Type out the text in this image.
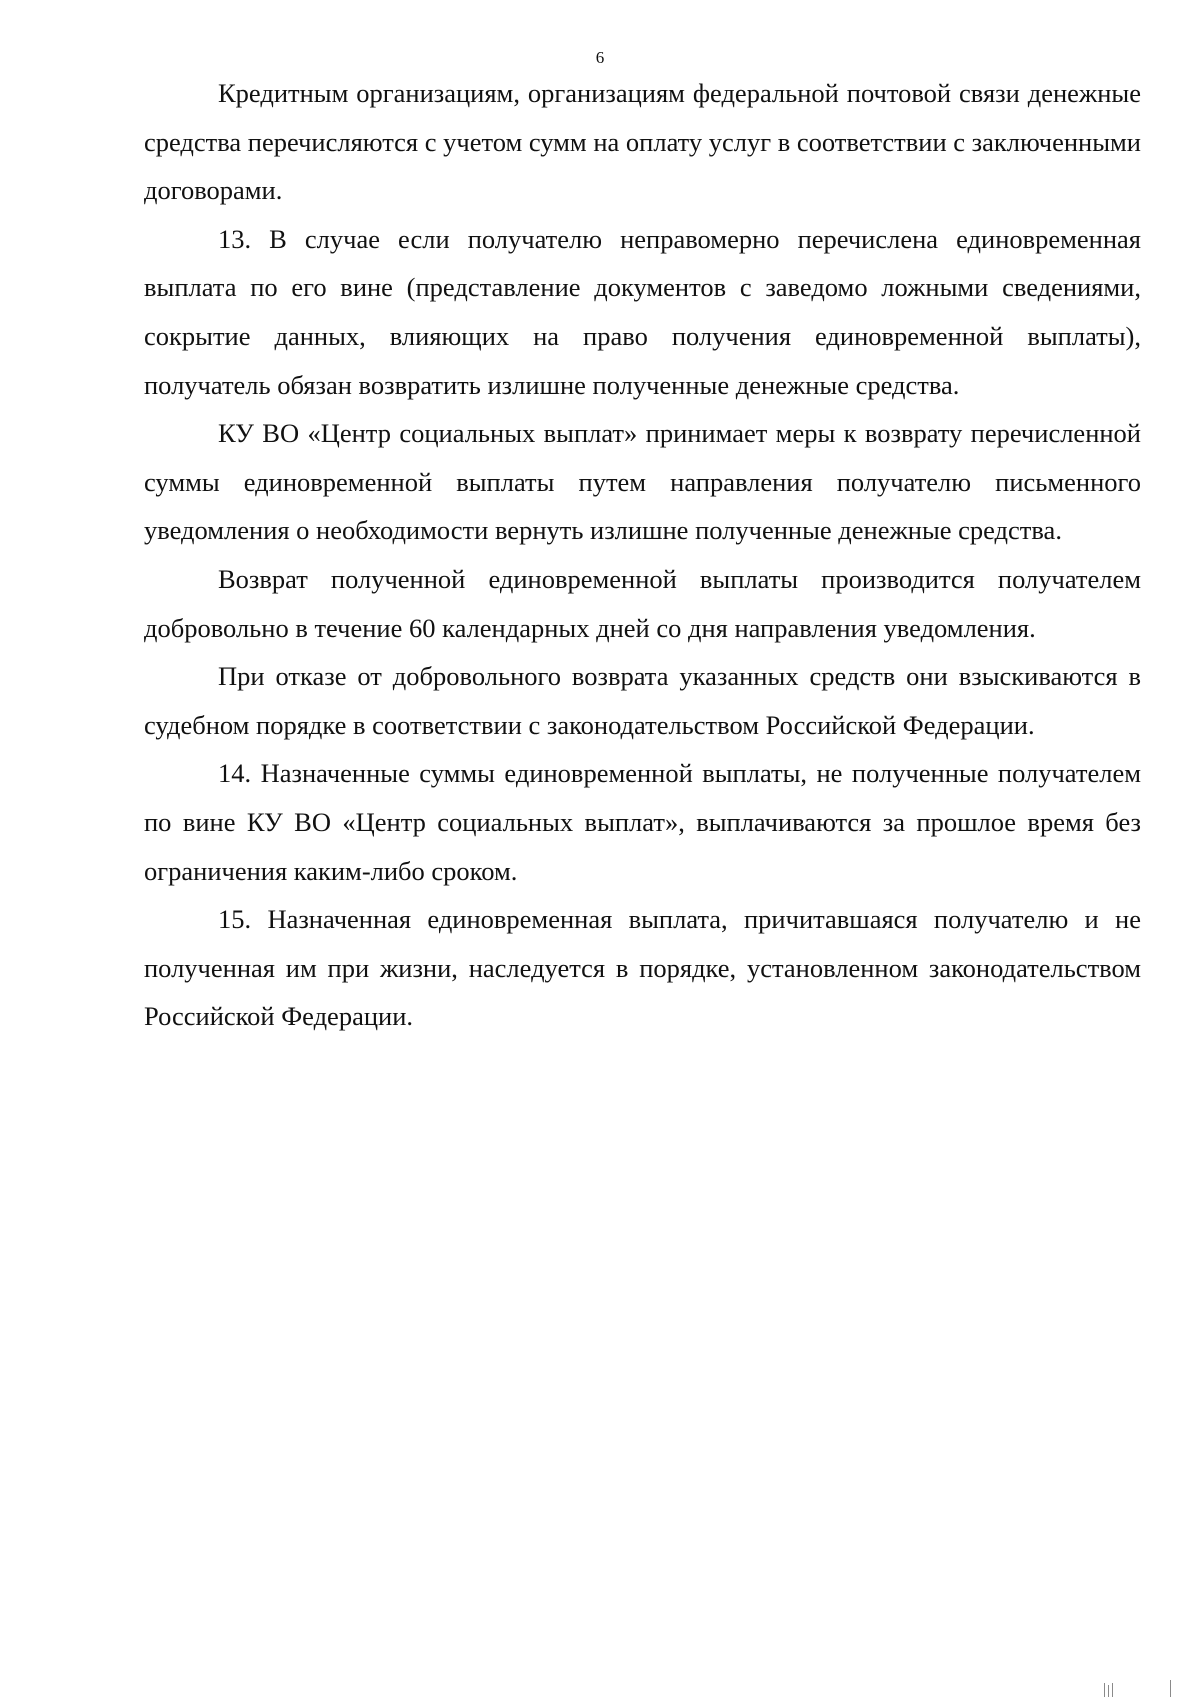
6

Кредитным организациям, организациям федеральной почтовой связи денежные средства перечисляются с учетом сумм на оплату услуг в соответствии с заключенными договорами.

13. В случае если получателю неправомерно перечислена единовременная выплата по его вине (представление документов с заведомо ложными сведениями, сокрытие данных, влияющих на право получения единовременной выплаты), получатель обязан возвратить излишне полученные денежные средства.

КУ ВО «Центр социальных выплат» принимает меры к возврату перечисленной суммы единовременной выплаты путем направления получателю письменного уведомления о необходимости вернуть излишне полученные денежные средства.

Возврат полученной единовременной выплаты производится получателем добровольно в течение 60 календарных дней со дня направления уведомления.

При отказе от добровольного возврата указанных средств они взыскиваются в судебном порядке в соответствии с законодательством Российской Федерации.

14. Назначенные суммы единовременной выплаты, не полученные получателем по вине КУ ВО «Центр социальных выплат», выплачиваются за прошлое время без ограничения каким-либо сроком.

15. Назначенная единовременная выплата, причитавшаяся получателю и не полученная им при жизни, наследуется в порядке, установленном законодательством Российской Федерации.
